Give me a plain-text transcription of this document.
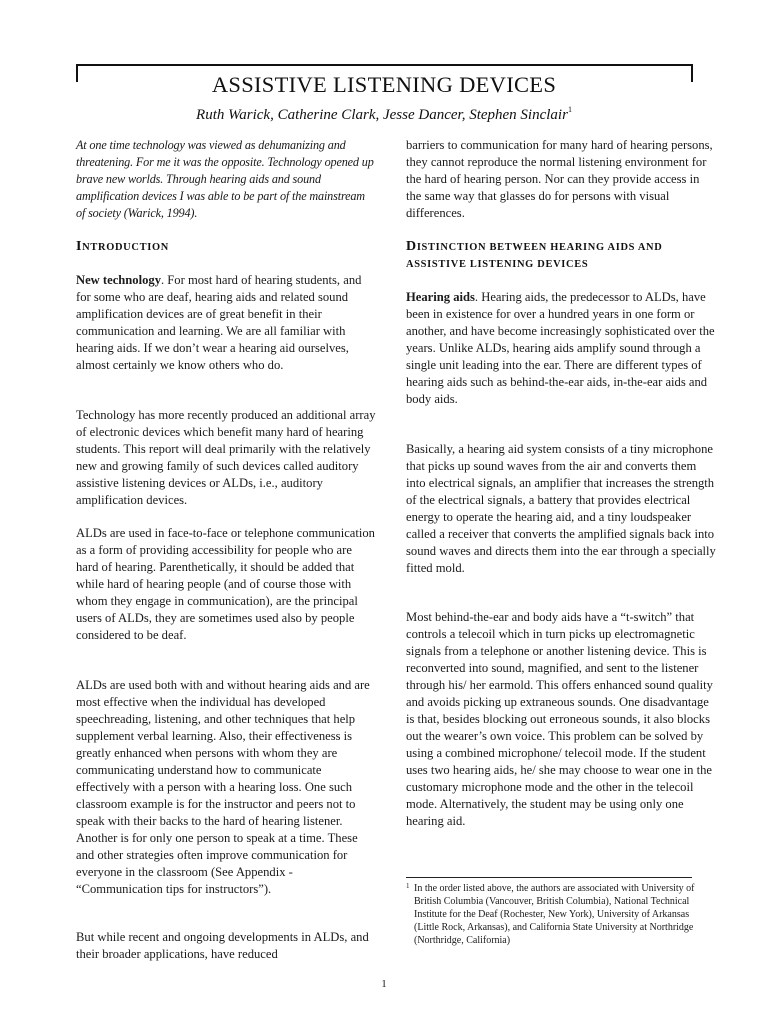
ASSISTIVE LISTENING DEVICES
Ruth Warick, Catherine Clark, Jesse Dancer, Stephen Sinclair$^1$

At one time technology was viewed as dehumanizing and threatening. For me it was the opposite. Technology opened up brave new worlds. Through hearing aids and sound amplification devices I was able to be part of the mainstream of society (Warick, 1994).

INTRODUCTION

New technology. For most hard of hearing students, and for some who are deaf, hearing aids and related sound amplification devices are of great benefit in their communication and learning. We are all familiar with hearing aids. If we don’t wear a hearing aid ourselves, almost certainly we know others who do.

Technology has more recently produced an additional array of electronic devices which benefit many hard of hearing students. This report will deal primarily with the relatively new and growing family of such devices called auditory assistive listening devices or ALDs, i.e., auditory amplification devices.

ALDs are used in face-to-face or telephone communication as a form of providing accessibility for people who are hard of hearing. Parenthetically, it should be added that while hard of hearing people (and of course those with whom they engage in communication), are the principal users of ALDs, they are sometimes used also by people considered to be deaf.

ALDs are used both with and without hearing aids and are most effective when the individual has developed speechreading, listening, and other techniques that help supplement verbal learning. Also, their effectiveness is greatly enhanced when persons with whom they are communicating understand how to communicate effectively with a person with a hearing loss. One such classroom example is for the instructor and peers not to speak with their backs to the hard of hearing listener. Another is for only one person to speak at a time. These and other strategies often improve communication for everyone in the classroom (See Appendix - “Communication tips for instructors”).

But while recent and ongoing developments in ALDs, and their broader applications, have reduced

barriers to communication for many hard of hearing persons, they cannot reproduce the normal listening environment for the hard of hearing person. Nor can they provide access in the same way that glasses do for persons with visual differences.

DISTINCTION BETWEEN HEARING AIDS AND ASSISTIVE LISTENING DEVICES

Hearing aids. Hearing aids, the predecessor to ALDs, have been in existence for over a hundred years in one form or another, and have become increasingly sophisticated over the years. Unlike ALDs, hearing aids amplify sound through a single unit leading into the ear. There are different types of hearing aids such as behind-the-ear aids, in-the-ear aids and body aids.

Basically, a hearing aid system consists of a tiny microphone that picks up sound waves from the air and converts them into electrical signals, an amplifier that increases the strength of the electrical signals, a battery that provides electrical energy to operate the hearing aid, and a tiny loudspeaker called a receiver that converts the amplified signals back into sound waves and directs them into the ear through a specially fitted mold.

Most behind-the-ear and body aids have a “t-switch” that controls a telecoil which in turn picks up electromagnetic signals from a telephone or another listening device. This is reconverted into sound, magnified, and sent to the listener through his/ her earmold. This offers enhanced sound quality and avoids picking up extraneous sounds. One disadvantage is that, besides blocking out erroneous sounds, it also blocks out the wearer’s own voice. This problem can be solved by using a combined microphone/ telecoil mode. If the student uses two hearing aids, he/ she may choose to wear one in the customary microphone mode and the other in the telecoil mode. Alternatively, the student may be using only one hearing aid.

1 In the order listed above, the authors are associated with University of British Columbia (Vancouver, British Columbia), National Technical Institute for the Deaf (Rochester, New York), University of Arkansas (Little Rock, Arkansas), and California State University at Northridge (Northridge, California)
1
